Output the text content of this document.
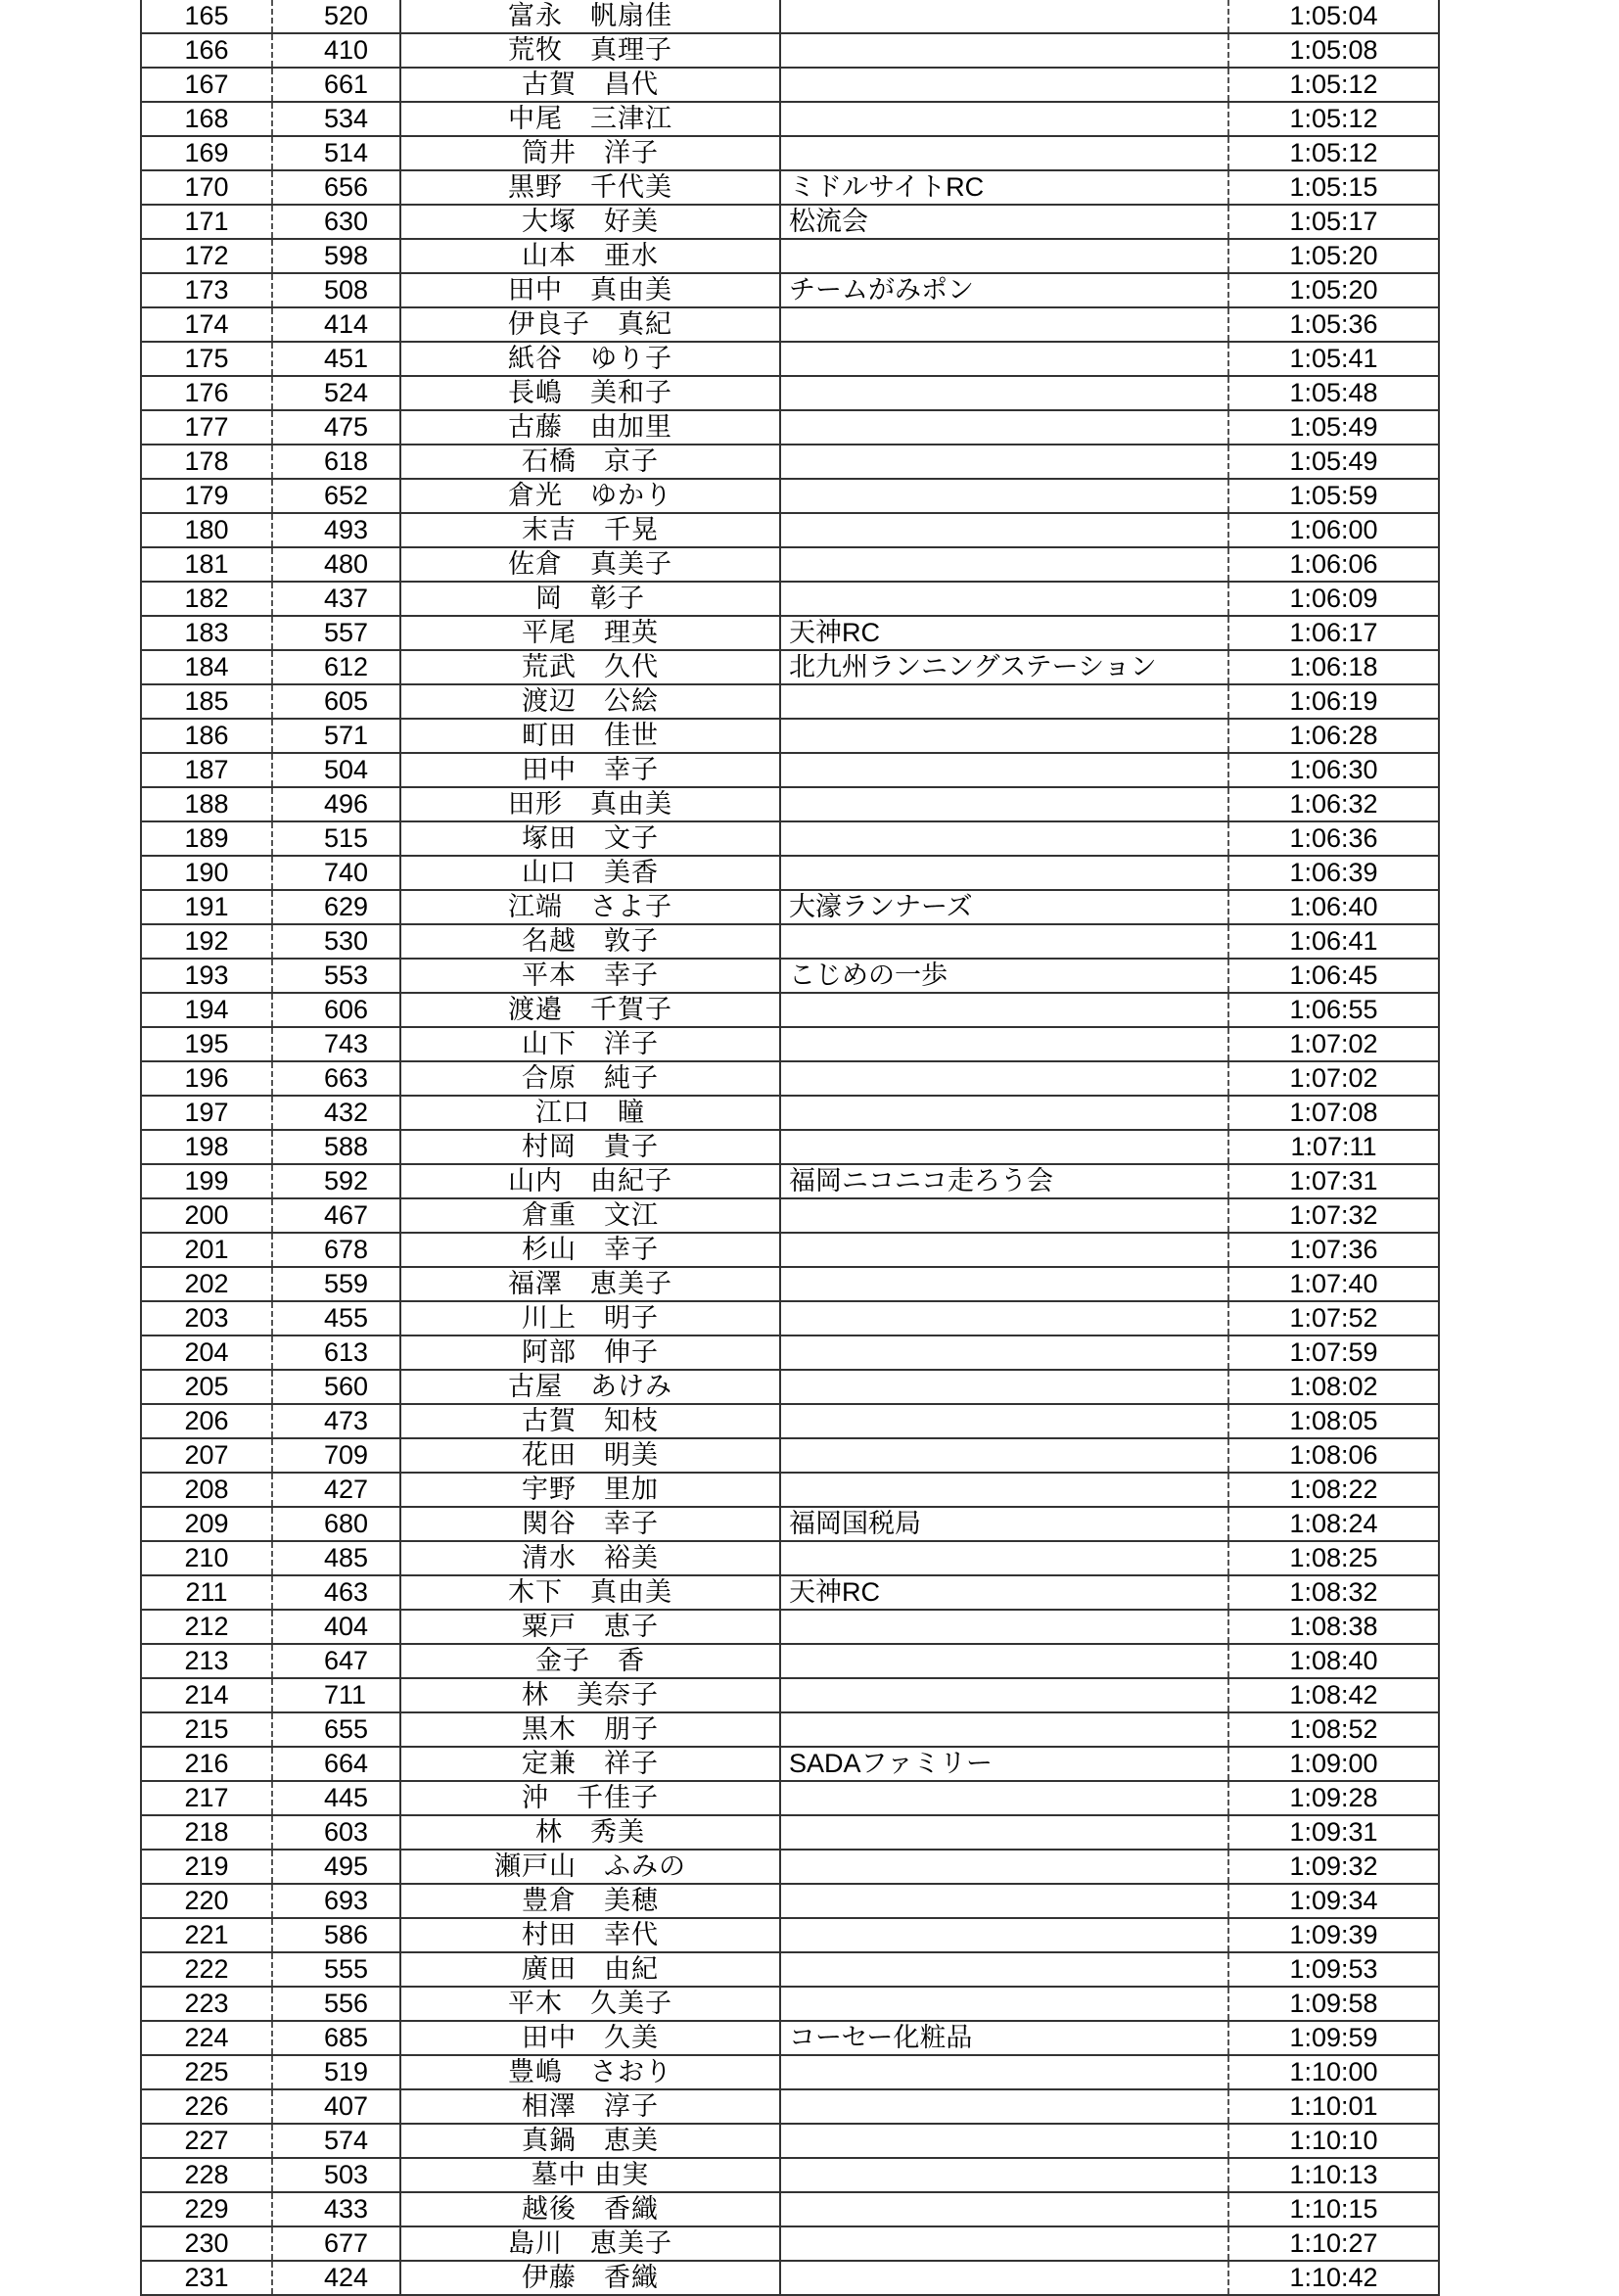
165	520	富永　帆扇佳		1:05:04
166	410	荒牧　真理子		1:05:08
167	661	古賀　昌代		1:05:12
168	534	中尾　三津江		1:05:12
169	514	筒井　洋子		1:05:12
170	656	黒野　千代美	ミドルサイトRC	1:05:15
171	630	大塚　好美	松流会	1:05:17
172	598	山本　亜水		1:05:20
173	508	田中　真由美	チームがみポン	1:05:20
174	414	伊良子　真紀		1:05:36
175	451	紙谷　ゆり子		1:05:41
176	524	長嶋　美和子		1:05:48
177	475	古藤　由加里		1:05:49
178	618	石橋　京子		1:05:49
179	652	倉光　ゆかり		1:05:59
180	493	末吉　千晃		1:06:00
181	480	佐倉　真美子		1:06:06
182	437	岡　彰子		1:06:09
183	557	平尾　理英	天神RC	1:06:17
184	612	荒武　久代	北九州ランニングステーション	1:06:18
185	605	渡辺　公絵		1:06:19
186	571	町田　佳世		1:06:28
187	504	田中　幸子		1:06:30
188	496	田形　真由美		1:06:32
189	515	塚田　文子		1:06:36
190	740	山口　美香		1:06:39
191	629	江端　さよ子	大濠ランナーズ	1:06:40
192	530	名越　敦子		1:06:41
193	553	平本　幸子	こじめの一歩	1:06:45
194	606	渡邉　千賀子		1:06:55
195	743	山下　洋子		1:07:02
196	663	合原　純子		1:07:02
197	432	江口　瞳		1:07:08
198	588	村岡　貴子		1:07:11
199	592	山内　由紀子	福岡ニコニコ走ろう会	1:07:31
200	467	倉重　文江		1:07:32
201	678	杉山　幸子		1:07:36
202	559	福澤　恵美子		1:07:40
203	455	川上　明子		1:07:52
204	613	阿部　伸子		1:07:59
205	560	古屋　あけみ		1:08:02
206	473	古賀　知枝		1:08:05
207	709	花田　明美		1:08:06
208	427	宇野　里加		1:08:22
209	680	関谷　幸子	福岡国税局	1:08:24
210	485	清水　裕美		1:08:25
211	463	木下　真由美	天神RC	1:08:32
212	404	粟戸　恵子		1:08:38
213	647	金子　香		1:08:40
214	711	林　美奈子		1:08:42
215	655	黒木　朋子		1:08:52
216	664	定兼　祥子	SADAファミリー	1:09:00
217	445	沖　千佳子		1:09:28
218	603	林　秀美		1:09:31
219	495	瀬戸山　ふみの		1:09:32
220	693	豊倉　美穂		1:09:34
221	586	村田　幸代		1:09:39
222	555	廣田　由紀		1:09:53
223	556	平木　久美子		1:09:58
224	685	田中　久美	コーセー化粧品	1:09:59
225	519	豊嶋　さおり		1:10:00
226	407	相澤　淳子		1:10:01
227	574	真鍋　恵美		1:10:10
228	503	墓中 由実		1:10:13
229	433	越後　香織		1:10:15
230	677	島川　恵美子		1:10:27
231	424	伊藤　香織		1:10:42
